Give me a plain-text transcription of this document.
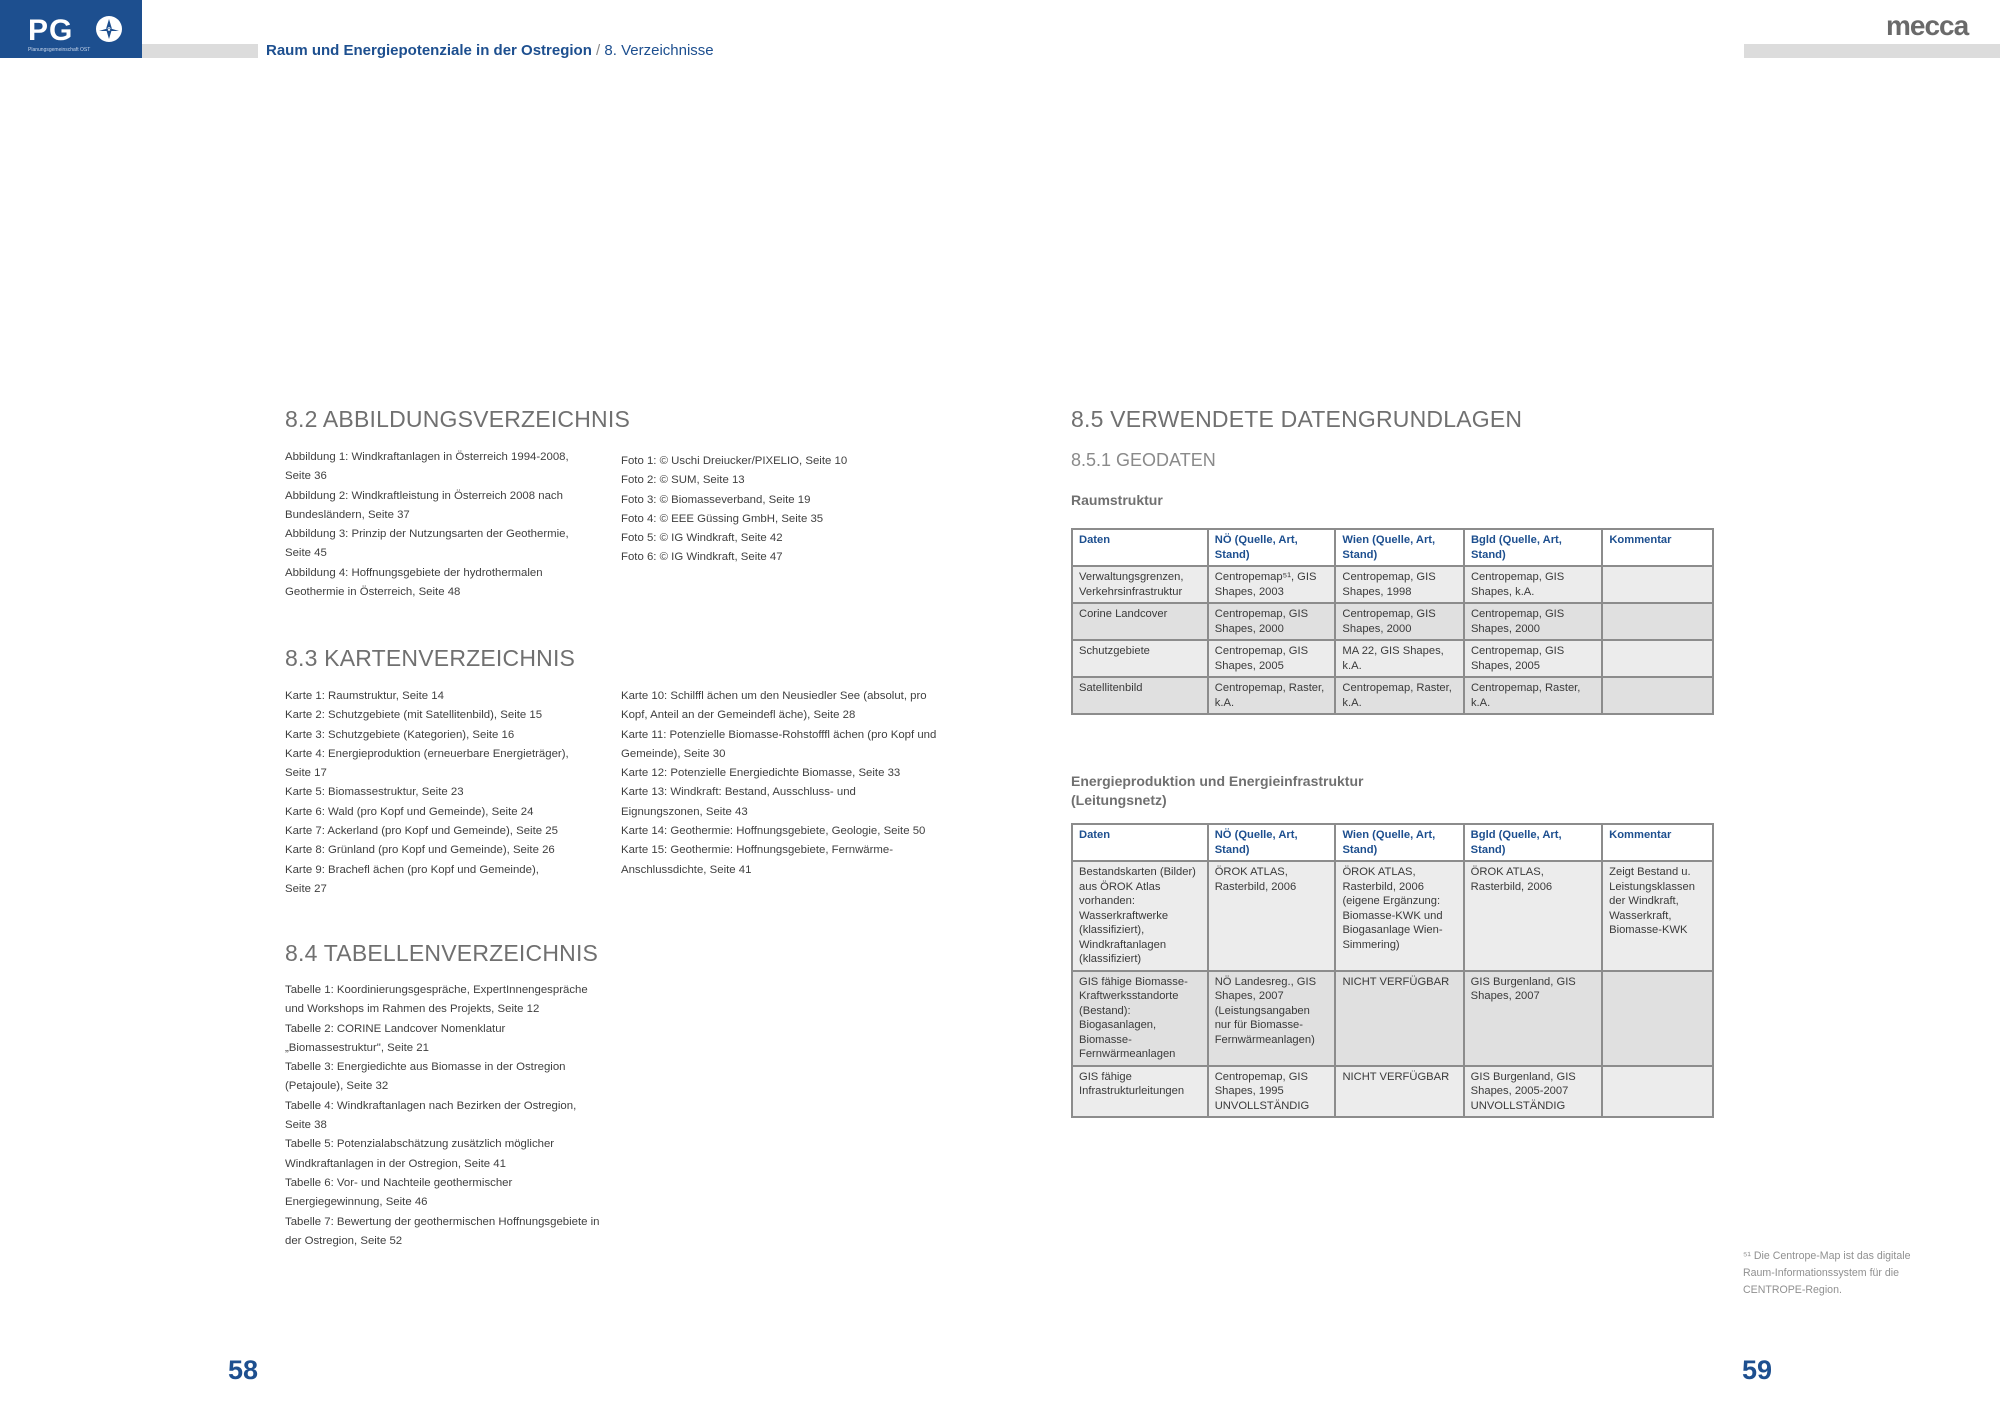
PG
Planungsgemeinschaft OST	Raum und Energiepotenziale in der Ostregion / 8. Verzeichnisse
mecca
8.2 ABBILDUNGSVERZEICHNIS
Abbildung 1: Windkraftanlagen in Österreich 1994-2008,
Seite 36
Abbildung 2: Windkraftleistung in Österreich 2008 nach
Bundesländern, Seite 37
Abbildung 3: Prinzip der Nutzungsarten der Geothermie,
Seite 45
Abbildung 4: Hoffnungsgebiete der hydrothermalen
Geothermie in Österreich, Seite 48
Foto 1: © Uschi Dreiucker/PIXELIO, Seite 10
Foto 2: © SUM, Seite 13
Foto 3: © Biomasseverband, Seite 19
Foto 4: © EEE Güssing GmbH, Seite 35
Foto 5: © IG Windkraft, Seite 42
Foto 6: © IG Windkraft, Seite 47
8.3 KARTENVERZEICHNIS
Karte 1: Raumstruktur, Seite 14
Karte 2: Schutzgebiete (mit Satellitenbild), Seite 15
Karte 3: Schutzgebiete (Kategorien), Seite 16
Karte 4: Energieproduktion (erneuerbare Energieträger),
Seite 17
Karte 5: Biomassestruktur, Seite 23
Karte 6: Wald (pro Kopf und Gemeinde), Seite 24
Karte 7: Ackerland (pro Kopf und Gemeinde), Seite 25
Karte 8: Grünland (pro Kopf und Gemeinde), Seite 26
Karte 9: Brachefl ächen (pro Kopf und Gemeinde),
Seite 27
Karte 10: Schilffl ächen um den Neusiedler See (absolut, pro
Kopf, Anteil an der Gemeindefl äche), Seite 28
Karte 11: Potenzielle Biomasse-Rohstofffl ächen (pro Kopf und
Gemeinde), Seite 30
Karte 12: Potenzielle Energiedichte Biomasse, Seite 33
Karte 13: Windkraft: Bestand, Ausschluss- und
Eignungszonen, Seite 43
Karte 14: Geothermie: Hoffnungsgebiete, Geologie, Seite 50
Karte 15: Geothermie: Hoffnungsgebiete, Fernwärme-
Anschlussdichte, Seite 41
8.4 TABELLENVERZEICHNIS
Tabelle 1: Koordinierungsgespräche, ExpertInnengespräche
und Workshops im Rahmen des Projekts, Seite 12
Tabelle 2: CORINE Landcover Nomenklatur
„Biomassestruktur", Seite 21
Tabelle 3: Energiedichte aus Biomasse in der Ostregion
(Petajoule), Seite 32
Tabelle 4: Windkraftanlagen nach Bezirken der Ostregion,
Seite 38
Tabelle 5: Potenzialabschätzung zusätzlich möglicher
Windkraftanlagen in der Ostregion, Seite 41
Tabelle 6: Vor- und Nachteile geothermischer
Energiegewinnung, Seite 46
Tabelle 7: Bewertung der geothermischen Hoffnungsgebiete in
der Ostregion, Seite 52
58
8.5 VERWENDETE DATENGRUNDLAGEN
8.5.1 GEODATEN
Raumstruktur
Daten	NÖ (Quelle, Art, Stand)	Wien (Quelle, Art, Stand)	Bgld (Quelle, Art, Stand)	Kommentar
Verwaltungsgrenzen, Verkehrsinfrastruktur	Centropemap⁵¹, GIS Shapes, 2003	Centropemap, GIS Shapes, 1998	Centropemap, GIS Shapes, k.A.	
Corine Landcover	Centropemap, GIS Shapes, 2000	Centropemap, GIS Shapes, 2000	Centropemap, GIS Shapes, 2000	
Schutzgebiete	Centropemap, GIS Shapes, 2005	MA 22, GIS Shapes, k.A.	Centropemap, GIS Shapes, 2005	
Satellitenbild	Centropemap, Raster, k.A.	Centropemap, Raster, k.A.	Centropemap, Raster, k.A.	
Energieproduktion und Energieinfrastruktur (Leitungsnetz)
Daten	NÖ (Quelle, Art, Stand)	Wien (Quelle, Art, Stand)	Bgld (Quelle, Art, Stand)	Kommentar
Bestandskarten (Bilder) aus ÖROK Atlas vorhanden: Wasserkraftwerke (klassifiziert), Windkraftanlagen (klassifiziert)	ÖROK ATLAS, Rasterbild, 2006	ÖROK ATLAS, Rasterbild, 2006 (eigene Ergänzung: Biomasse-KWK und Biogasanlage Wien-Simmering)	ÖROK ATLAS, Rasterbild, 2006	Zeigt Bestand u. Leistungsklassen der Windkraft, Wasserkraft, Biomasse-KWK
GIS fähige Biomasse-Kraftwerksstandorte (Bestand): Biogasanlagen, Biomasse-Fernwärmeanlagen	NÖ Landesreg., GIS Shapes, 2007 (Leistungsangaben nur für Biomasse-Fernwärmeanlagen)	NICHT VERFÜGBAR	GIS Burgenland, GIS Shapes, 2007	
GIS fähige Infrastrukturleitungen	Centropemap, GIS Shapes, 1995 UNVOLLSTÄNDIG	NICHT VERFÜGBAR	GIS Burgenland, GIS Shapes, 2005-2007 UNVOLLSTÄNDIG	
⁵¹ Die Centrope-Map ist das digitale
Raum-Informationssystem für die
CENTROPE-Region.
59
